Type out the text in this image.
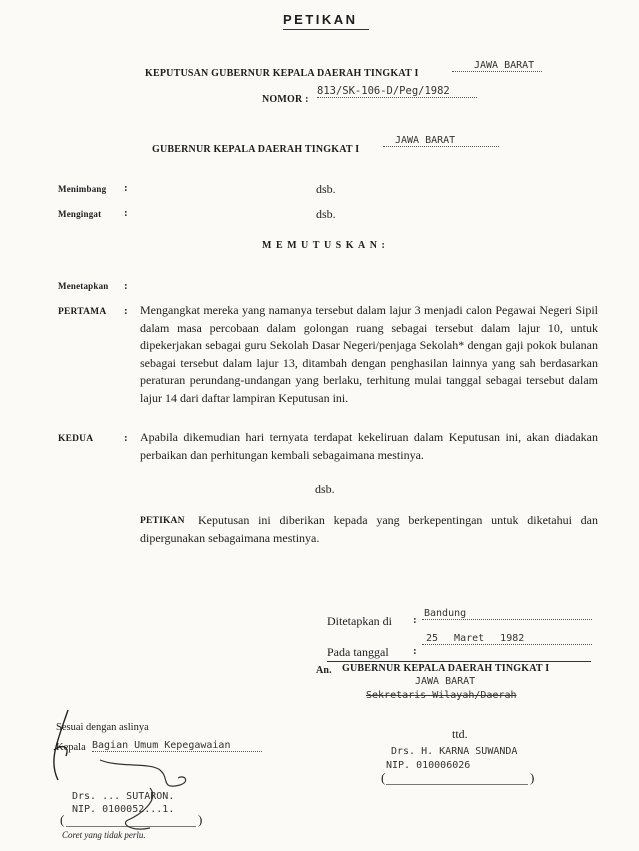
PETIKAN
KEPUTUSAN GUBERNUR KEPALA DAERAH TINGKAT I
JAWA BARAT
NOMOR :
813/SK-106-D/Peg/1982
GUBERNUR KEPALA DAERAH TINGKAT I
JAWA BARAT
Menimbang :	dsb.
Mengingat :	dsb.
MEMUTUSKAN:
Menetapkan :
PERTAMA : Mengangkat mereka yang namanya tersebut dalam lajur 3 menjadi calon Pegawai Negeri Sipil dalam masa percobaan dalam golongan ruang sebagai tersebut dalam lajur 10, untuk dipekerjakan sebagai guru Sekolah Dasar Negeri/penjaga Sekolah* dengan gaji pokok bulanan sebagai tersebut dalam lajur 13, ditambah dengan penghasilan lainnya yang sah berdasarkan peraturan perundang-undangan yang berlaku, terhitung mulai tanggal sebagai tersebut dalam lajur 14 dari daftar lampiran Keputusan ini.
KEDUA	: Apabila dikemudian hari ternyata terdapat kekeliruan dalam Keputusan ini, akan diadakan perbaikan dan perhitungan kembali sebagaimana mestinya.
dsb.
PETIKAN	Keputusan ini diberikan kepada yang berkepentingan untuk diketahui dan dipergunakan sebagaimana mestinya.
Ditetapkan di :
Bandung
Pada tanggal :
25 Maret 1982
An. GUBERNUR KEPALA DAERAH TINGKAT I
JAWA BARAT
Sekretaris Wilayah/Daerah
ttd.
Drs. H. KARNA SUWANDA
NIP. 010006026
(	)
Sesuai dengan aslinya
Kepala Bagian Umum Kepegawaian
Drs. ... SUTARON.
NIP. 0100052...1.
(	)
Coret yang tidak perlu.
